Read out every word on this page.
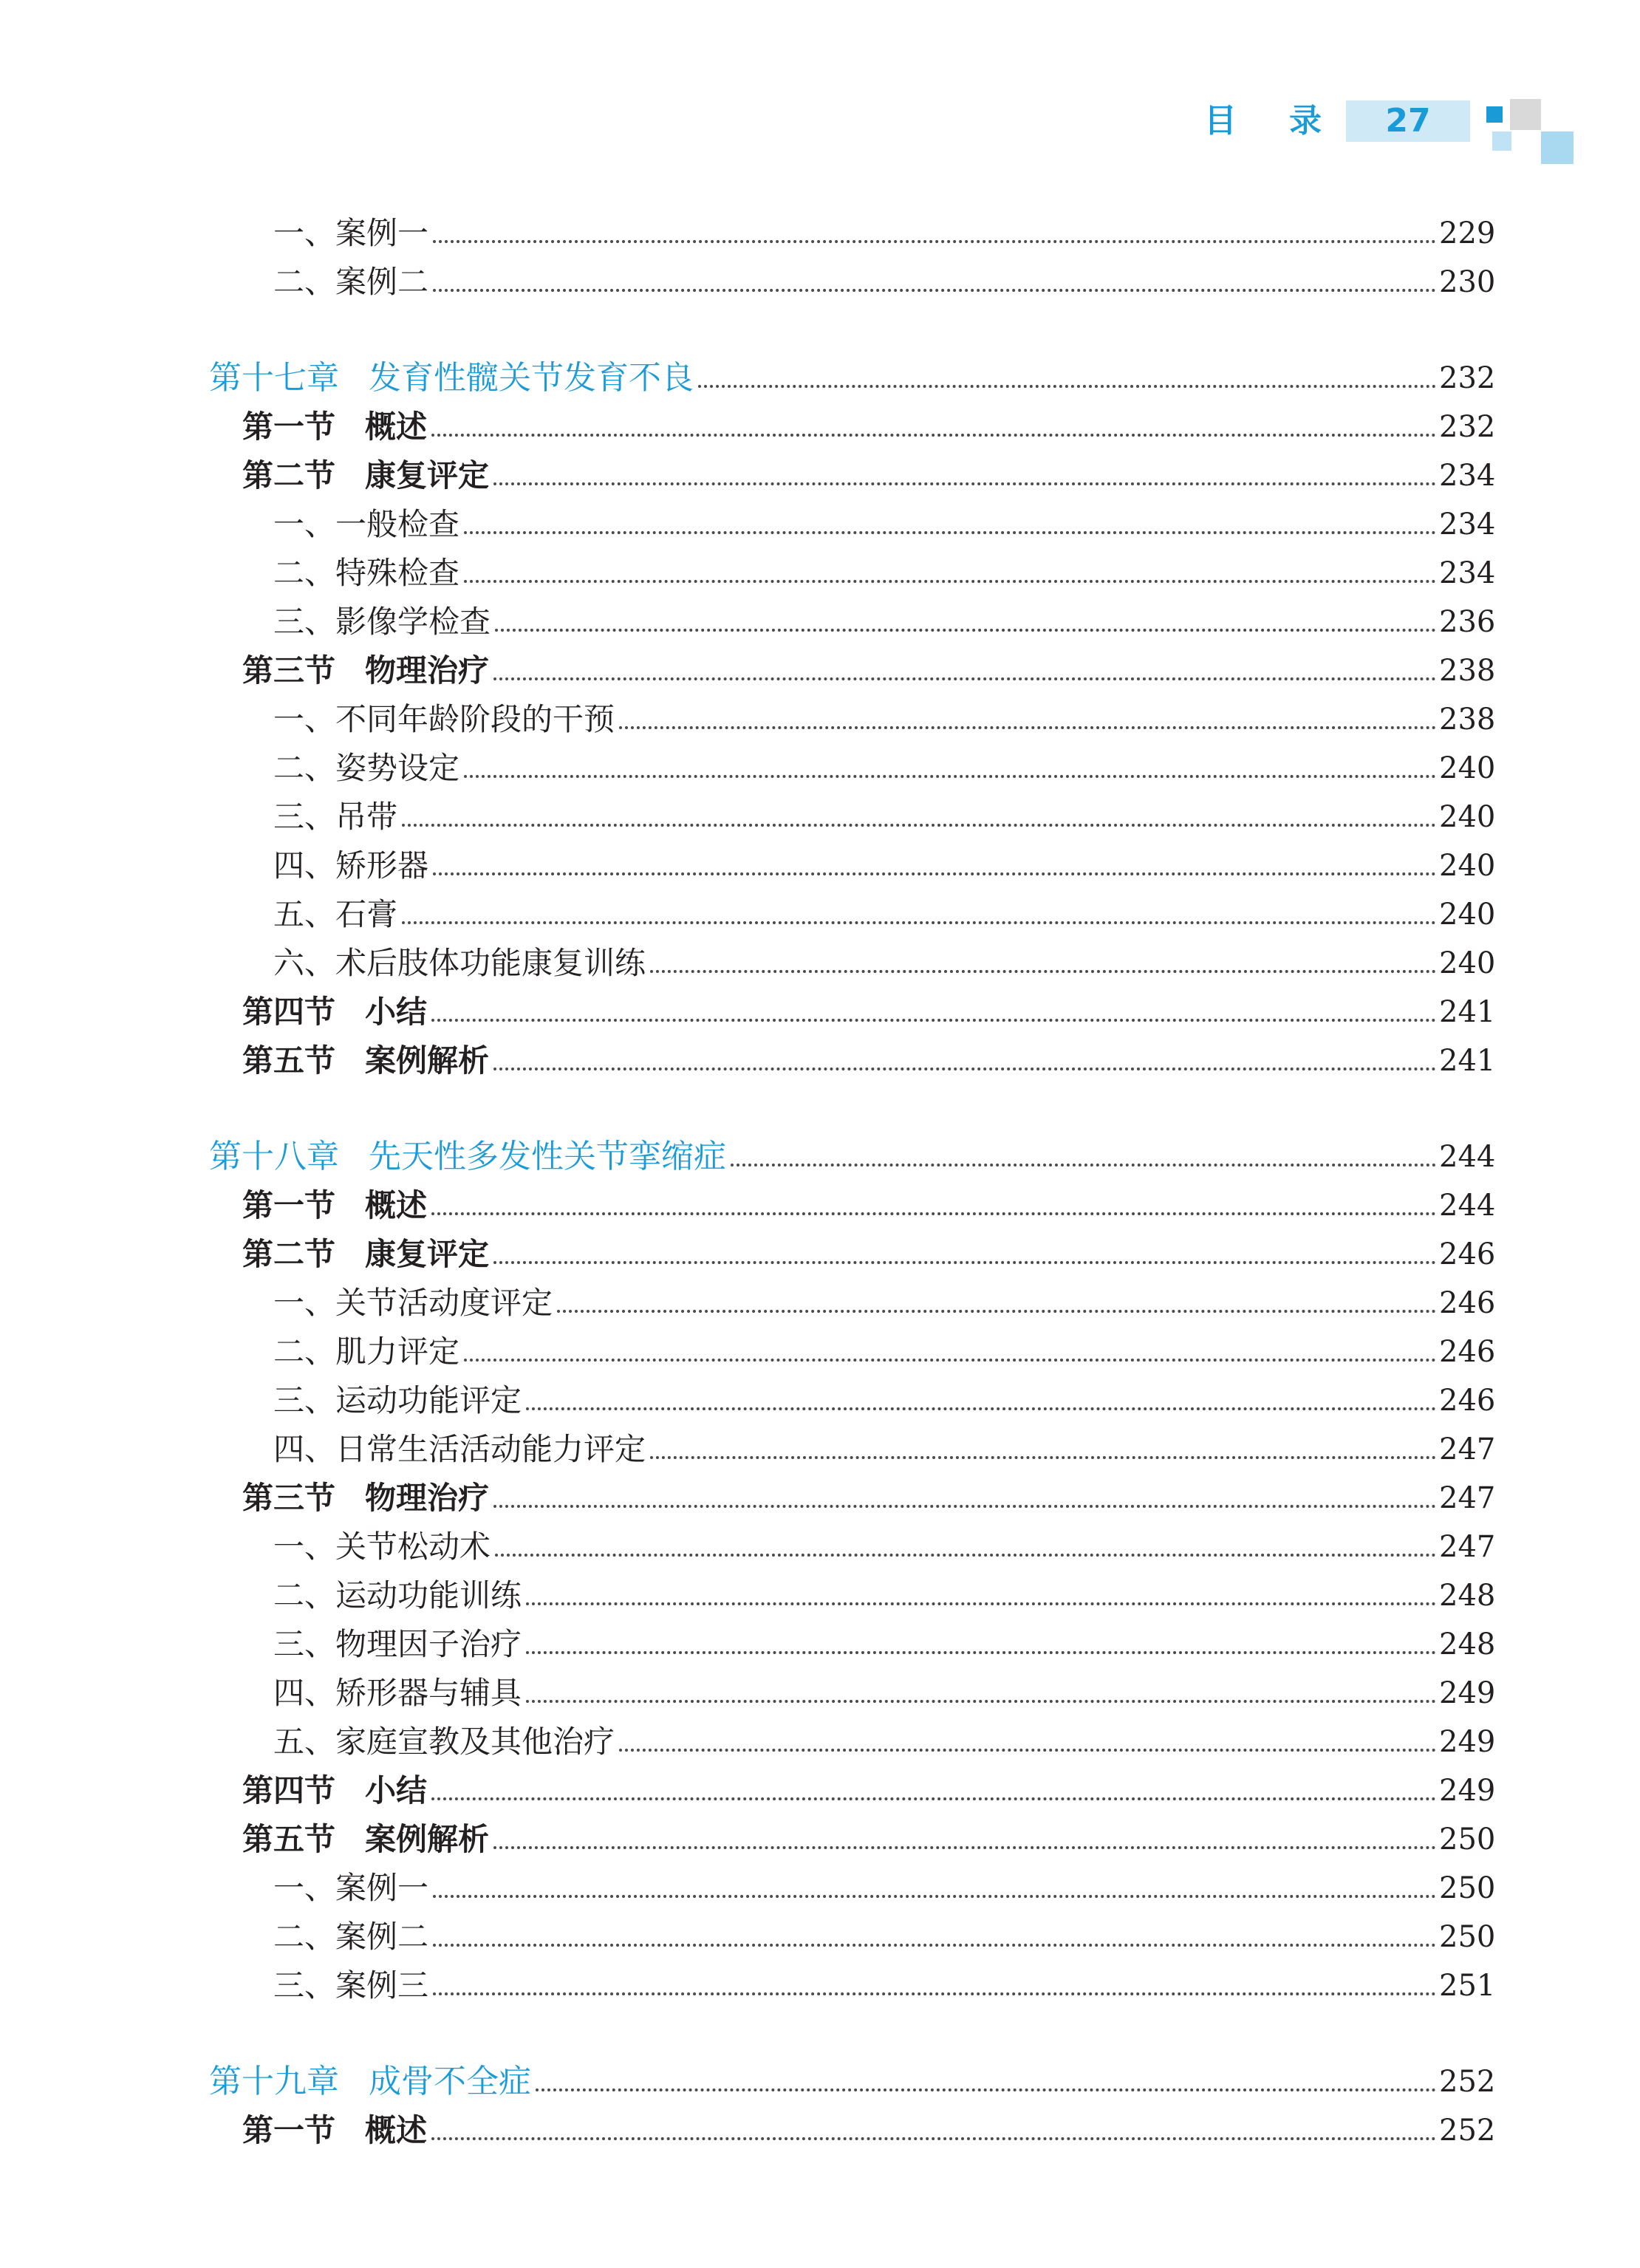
目 录	27
一、案例一	229
二、案例二	230
第十七章 发育性髋关节发育不良	232
第一节 概述	232
第二节 康复评定	234
一、一般检查	234
二、特殊检查	234
三、影像学检查	236
第三节 物理治疗	238
一、不同年龄阶段的干预	238
二、姿势设定	240
三、吊带	240
四、矫形器	240
五、石膏	240
六、术后肢体功能康复训练	240
第四节 小结	241
第五节 案例解析	241
第十八章 先天性多发性关节挛缩症	244
第一节 概述	244
第二节 康复评定	246
一、关节活动度评定	246
二、肌力评定	246
三、运动功能评定	246
四、日常生活活动能力评定	247
第三节 物理治疗	247
一、关节松动术	247
二、运动功能训练	248
三、物理因子治疗	248
四、矫形器与辅具	249
五、家庭宣教及其他治疗	249
第四节 小结	249
第五节 案例解析	250
一、案例一	250
二、案例二	250
三、案例三	251
第十九章 成骨不全症	252
第一节 概述	252
